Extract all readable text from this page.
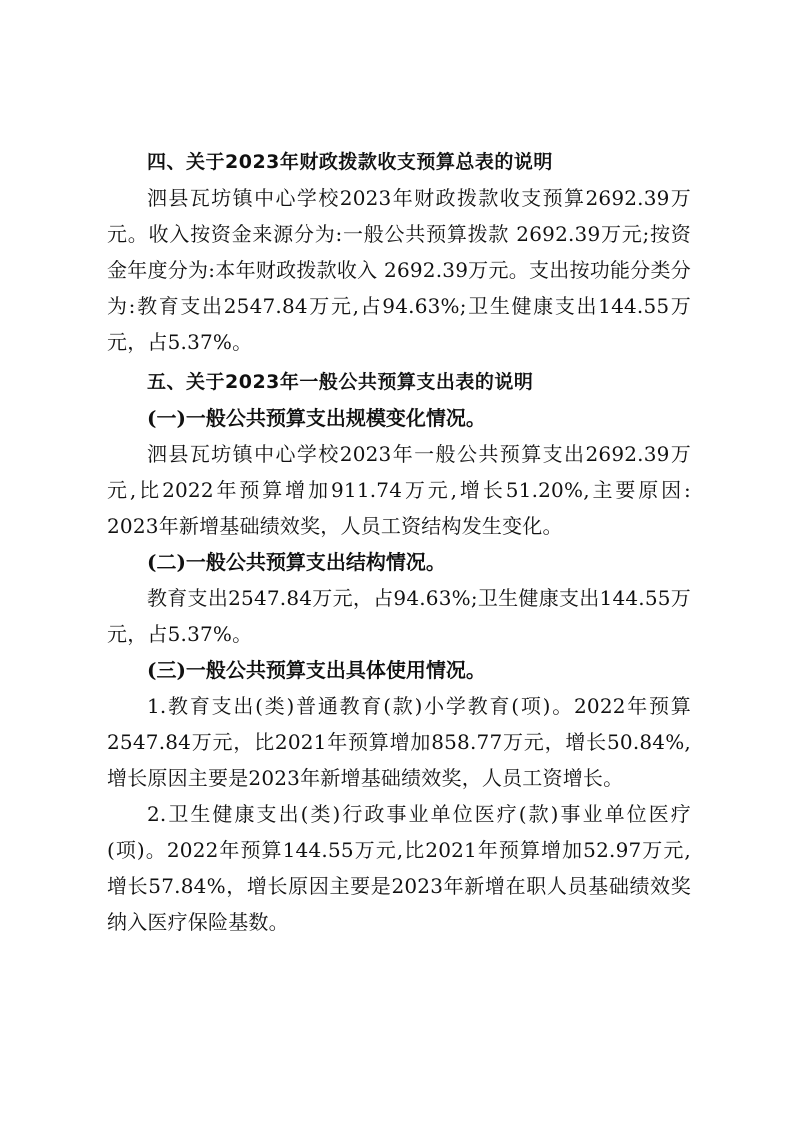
四、关于2023年财政拨款收支预算总表的说明

泗县瓦坊镇中心学校2023年财政拨款收支预算2692.39万元。收入按资金来源分为:一般公共预算拨款 2692.39万元;按资金年度分为:本年财政拨款收入 2692.39万元。支出按功能分类分为:教育支出2547.84万元,占94.63%;卫生健康支出144.55万元，占5.37%。

五、关于2023年一般公共预算支出表的说明

(一)一般公共预算支出规模变化情况。

泗县瓦坊镇中心学校2023年一般公共预算支出2692.39万元,比2022年预算增加911.74万元,增长51.20%,主要原因: 2023年新增基础绩效奖，人员工资结构发生变化。

(二)一般公共预算支出结构情况。

教育支出2547.84万元，占94.63%;卫生健康支出144.55万元，占5.37%。

(三)一般公共预算支出具体使用情况。

1.教育支出(类)普通教育(款)小学教育(项)。2022年预算2547.84万元，比2021年预算增加858.77万元，增长50.84%,增长原因主要是2023年新增基础绩效奖，人员工资增长。

2.卫生健康支出(类)行政事业单位医疗(款)事业单位医疗(项)。2022年预算144.55万元,比2021年预算增加52.97万元,增长57.84%，增长原因主要是2023年新增在职人员基础绩效奖纳入医疗保险基数。
